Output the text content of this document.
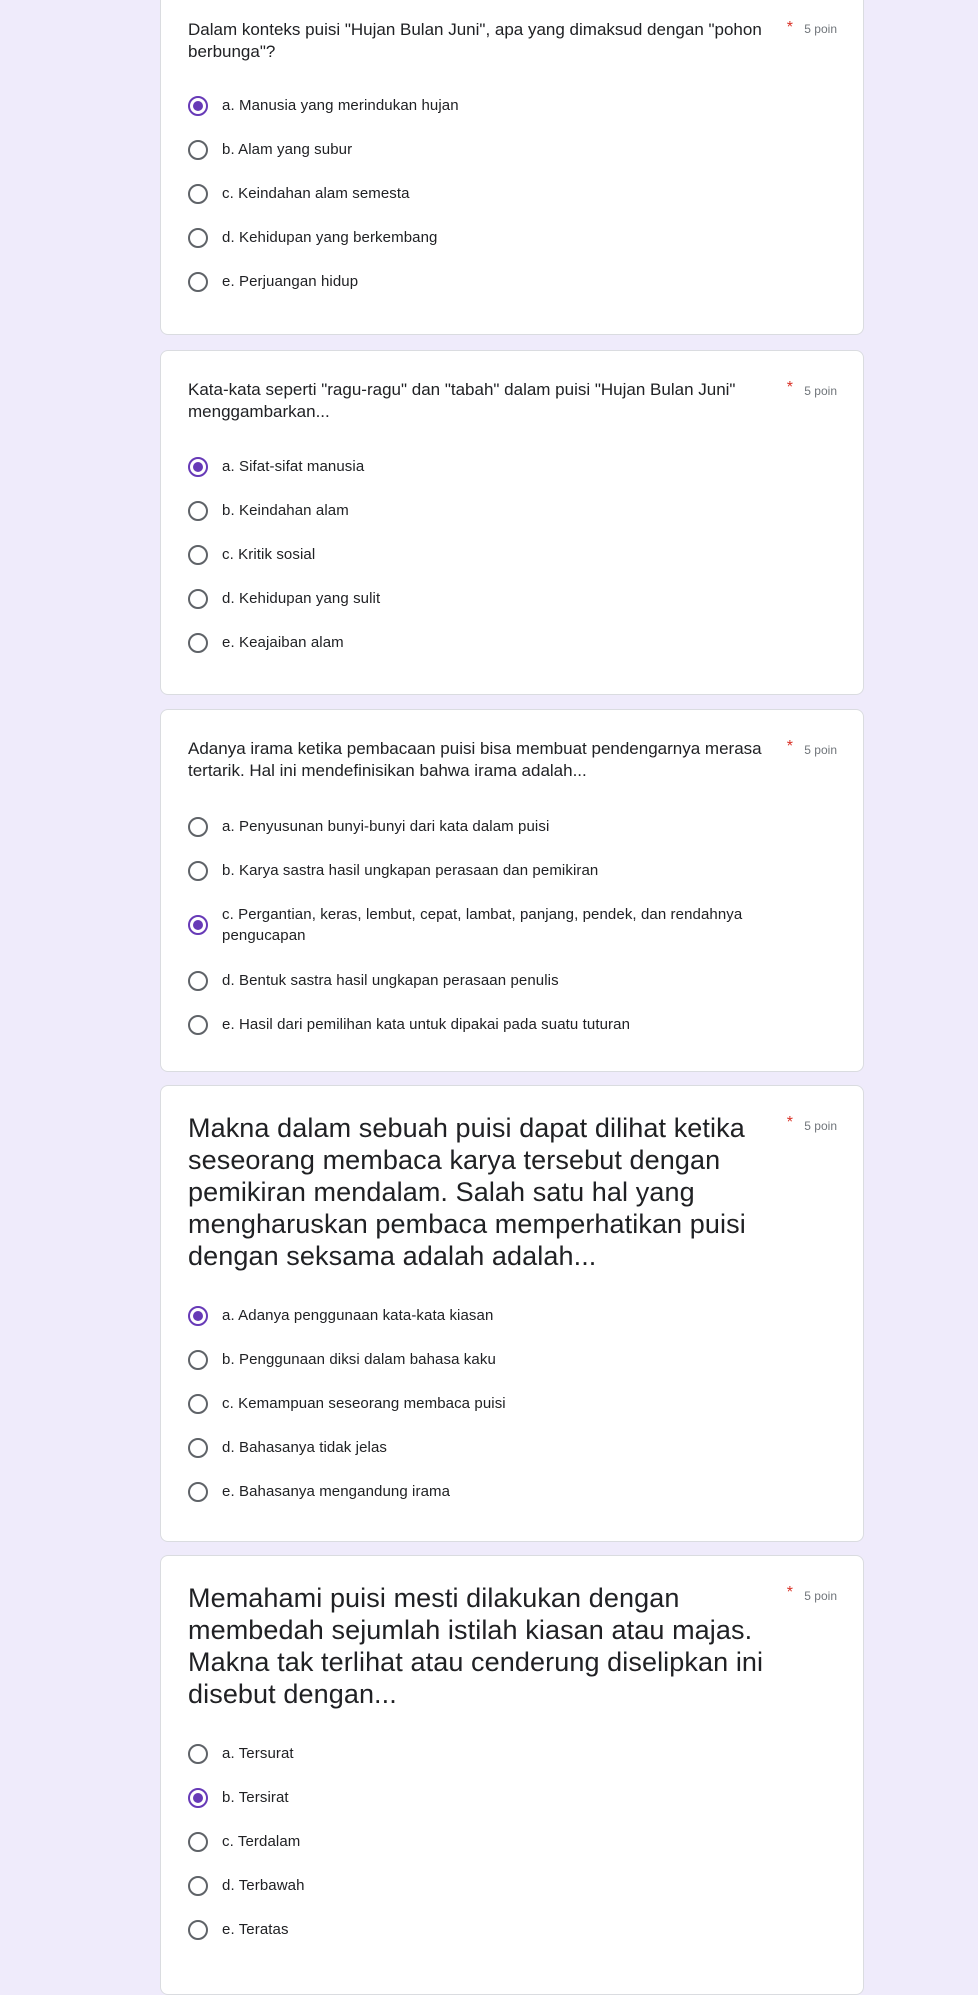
Dalam konteks puisi "Hujan Bulan Juni", apa yang dimaksud dengan "pohon berbunga"?

* 5 poin
a. Manusia yang merindukan hujan
b. Alam yang subur
c. Keindahan alam semesta
d. Kehidupan yang berkembang
e. Perjuangan hidup

Kata-kata seperti "ragu-ragu" dan "tabah" dalam puisi "Hujan Bulan Juni" menggambarkan...

* 5 poin
a. Sifat-sifat manusia
b. Keindahan alam
c. Kritik sosial
d. Kehidupan yang sulit
e. Keajaiban alam

Adanya irama ketika pembacaan puisi bisa membuat pendengarnya merasa tertarik. Hal ini mendefinisikan bahwa irama adalah...

* 5 poin
a. Penyusunan bunyi-bunyi dari kata dalam puisi
b. Karya sastra hasil ungkapan perasaan dan pemikiran
c. Pergantian, keras, lembut, cepat, lambat, panjang, pendek, dan rendahnya pengucapan
d. Bentuk sastra hasil ungkapan perasaan penulis
e. Hasil dari pemilihan kata untuk dipakai pada suatu tuturan

Makna dalam sebuah puisi dapat dilihat ketika seseorang membaca karya tersebut dengan pemikiran mendalam. Salah satu hal yang mengharuskan pembaca memperhatikan puisi dengan seksama adalah adalah...

* 5 poin
a. Adanya penggunaan kata-kata kiasan
b. Penggunaan diksi dalam bahasa kaku
c. Kemampuan seseorang membaca puisi
d. Bahasanya tidak jelas
e. Bahasanya mengandung irama

Memahami puisi mesti dilakukan dengan membedah sejumlah istilah kiasan atau majas. Makna tak terlihat atau cenderung diselipkan ini disebut dengan...

* 5 poin
a. Tersurat
b. Tersirat
c. Terdalam
d. Terbawah
e. Teratas
